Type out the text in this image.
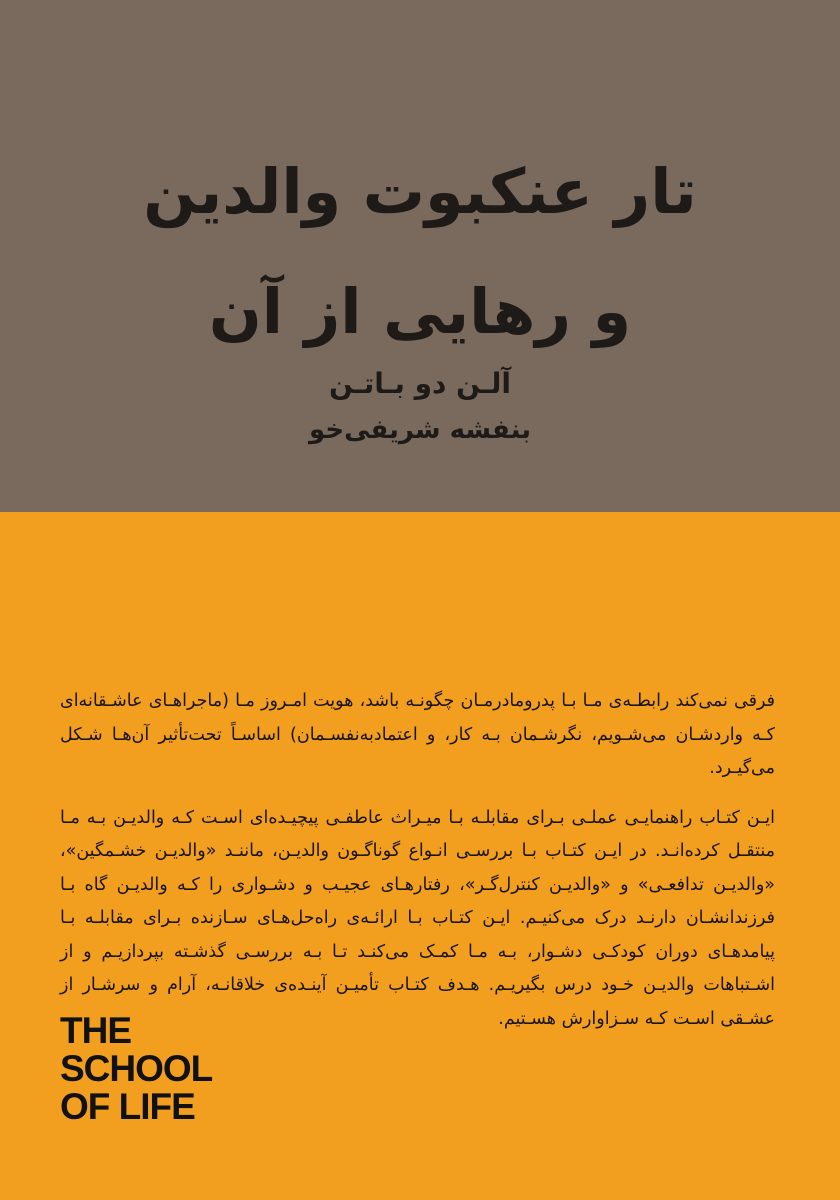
تار عنکبوت والدین
و رهایی از آن
آلـن دو بـاتـن
بنفشه شریفی‌خو

فرقی نمی‌کند رابطـه‌ی مـا بـا پدرومادرمـان چگونـه باشد، هویت امـروز مـا (ماجراهـای عاشـقانه‌ای کـه واردشـان می‌شـویم، نگرشـمان بـه کار، و اعتمادبه‌نفسـمان) اساسـاً تحت‌تأثیر آن‌هـا شـکل می‌گیـرد.

ایـن کتـاب راهنمایـی عملـی بـرای مقابلـه بـا میـراث عاطفـی پیچیـده‌ای اسـت کـه والدیـن بـه مـا منتقـل کرده‌انـد. در ایـن کتـاب بـا بررسـی انـواع گوناگـون والدیـن، ماننـد «والدیـن خشـمگین»، «والدیـن تدافعـی» و «والدیـن کنترل‌گـر»، رفتارهـای عجیـب و دشـواری را کـه والدیـن گاه بـا فرزندانشـان دارنـد درک می‌کنیـم. ایـن کتـاب بـا ارائـه‌ی راه‌حل‌هـای سـازنده بـرای مقابلـه بـا پیامدهـای دوران کودکـی دشـوار، بـه مـا کمـک می‌کنـد تـا بـه بررسـی گذشـته بپردازیـم و از اشـتباهات والدیـن خـود درس بگیریـم. هـدف کتـاب تأمیـن آینـده‌ی خلاقانـه، آرام و سرشـار از عشـقی اسـت کـه سـزاوارش هسـتیم.

THE
SCHOOL
OF LIFE
